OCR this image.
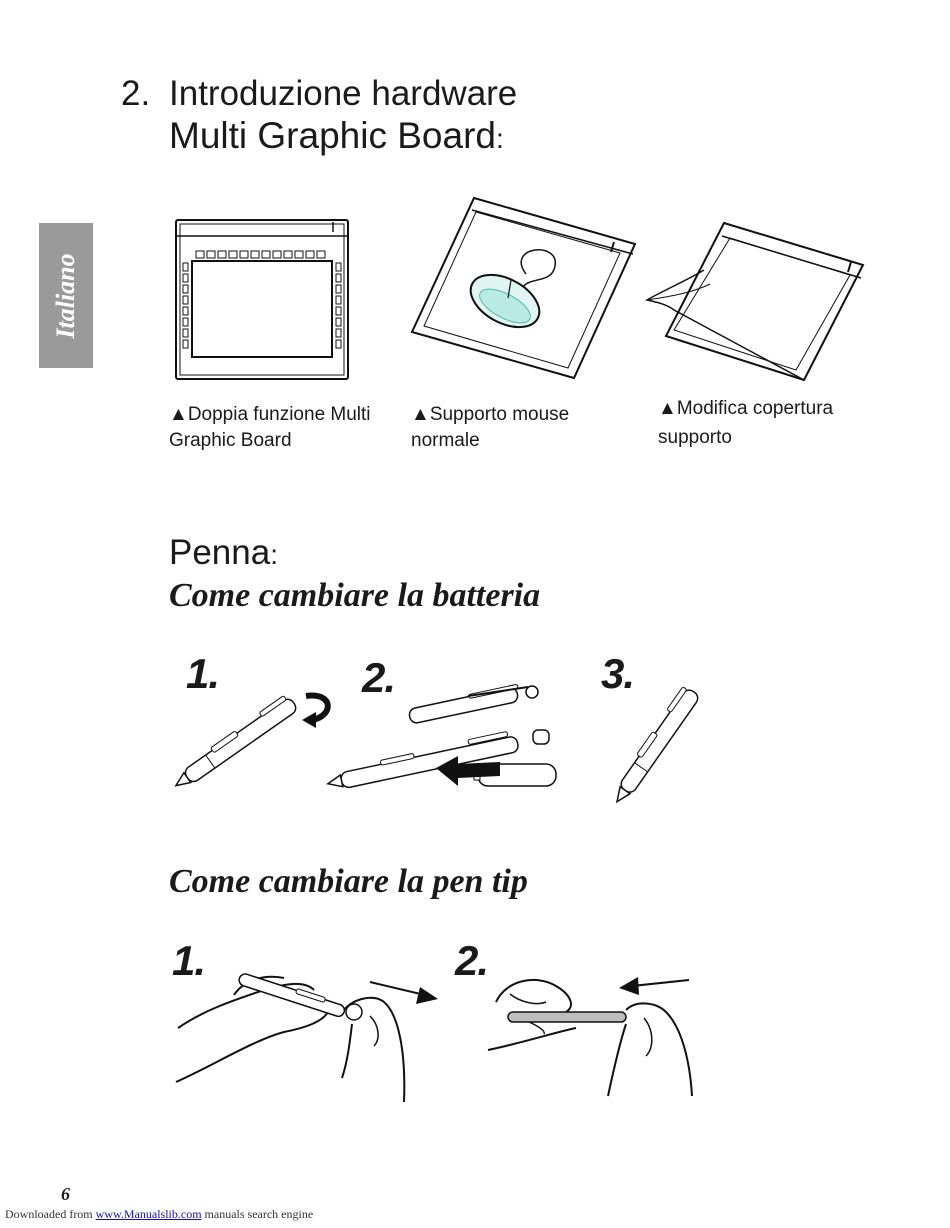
Italiano
2. Introduzione hardware
Multi Graphic Board:
▲Doppia funzione Multi
Graphic Board
▲Supporto mouse
normale
▲Modifica copertura
supporto
Penna:
Come cambiare la batteria
1.	2.	3.
Come cambiare la pen tip
1.	2.
6
Downloaded from www.Manualslib.com manuals search engine
